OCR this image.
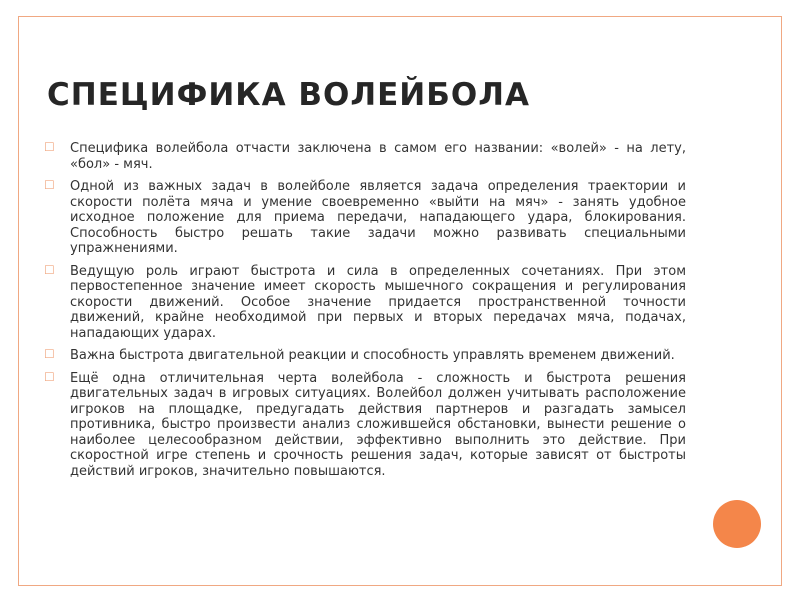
СПЕЦИФИКА ВОЛЕЙБОЛА
☐ Специфика волейбола отчасти заключена в самом его названии: «волей» - на лету, «бол» - мяч.
☐ Одной из важных задач в волейболе является задача определения траектории и скорости полёта мяча и умение своевременно «выйти на мяч» - занять удобное исходное положение для приема передачи, нападающего удара, блокирования. Способность быстро решать такие задачи можно развивать специальными упражнениями.
☐ Ведущую роль играют быстрота и сила в определенных сочетаниях. При этом первостепенное значение имеет скорость мышечного сокращения и регулирования скорости движений. Особое значение придается пространственной точности движений, крайне необходимой при первых и вторых передачах мяча, подачах, нападающих ударах.
☐ Важна быстрота двигательной реакции и способность управлять временем движений.
☐ Ещё одна отличительная черта волейбола - сложность и быстрота решения двигательных задач в игровых ситуациях. Волейбол должен учитывать расположение игроков на площадке, предугадать действия партнеров и разгадать замысел противника, быстро произвести анализ сложившейся обстановки, вынести решение о наиболее целесообразном действии, эффективно выполнить это действие. При скоростной игре степень и срочность решения задач, которые зависят от быстроты действий игроков, значительно повышаются.
